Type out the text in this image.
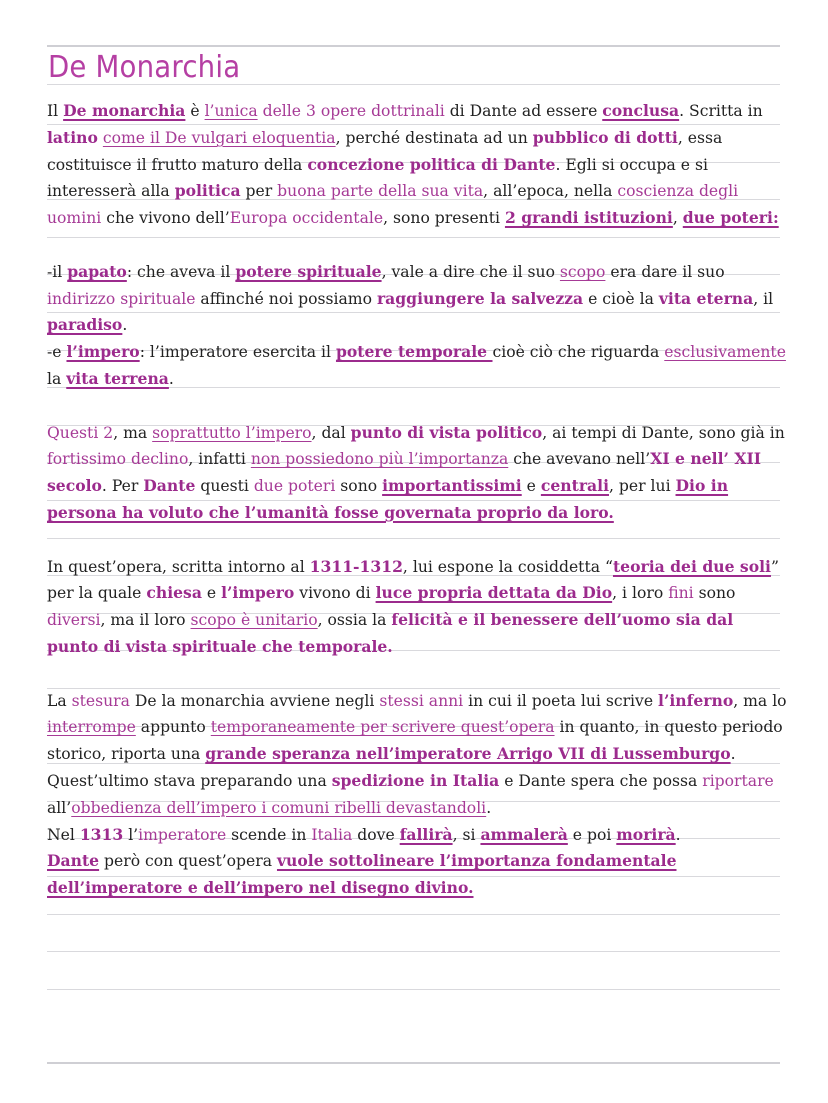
De Monarchia

Il De monarchia è l’unica delle 3 opere dottrinali di Dante ad essere conclusa. Scritta in latino come il De vulgari eloquentia, perché destinata ad un pubblico di dotti, essa costituisce il frutto maturo della concezione politica di Dante. Egli si occupa e si interesserà alla politica per buona parte della sua vita, all’epoca, nella coscienza degli uomini che vivono dell’Europa occidentale, sono presenti 2 grandi istituzioni, due poteri:

-il papato: che aveva il potere spirituale, vale a dire che il suo scopo era dare il suo indirizzo spirituale affinché noi possiamo raggiungere la salvezza e cioè la vita eterna, il paradiso.

-e l’impero: l’imperatore esercita il potere temporale cioè ciò che riguarda esclusivamente la vita terrena.

Questi 2, ma soprattutto l’impero, dal punto di vista politico, ai tempi di Dante, sono già in fortissimo declino, infatti non possiedono più l’importanza che avevano nell’XI e nell’ XII secolo. Per Dante questi due poteri sono importantissimi e centrali, per lui Dio in persona ha voluto che l’umanità fosse governata proprio da loro.

In quest’opera, scritta intorno al 1311-1312, lui espone la cosiddetta “teoria dei due soli” per la quale chiesa e l’impero vivono di luce propria dettata da Dio, i loro fini sono diversi, ma il loro scopo è unitario, ossia la felicità e il benessere dell’uomo sia dal punto di vista spirituale che temporale.

La stesura De la monarchia avviene negli stessi anni in cui il poeta lui scrive l’inferno, ma lo interrompe appunto temporaneamente per scrivere quest’opera in quanto, in questo periodo storico, riporta una grande speranza nell’imperatore Arrigo VII di Lussemburgo.

Quest’ultimo stava preparando una spedizione in Italia e Dante spera che possa riportare all’obbedienza dell’impero i comuni ribelli devastandoli.

Nel 1313 l’imperatore scende in Italia dove fallirà, si ammalerà e poi morirà.

Dante però con quest’opera vuole sottolineare l’importanza fondamentale dell’imperatore e dell’impero nel disegno divino.
